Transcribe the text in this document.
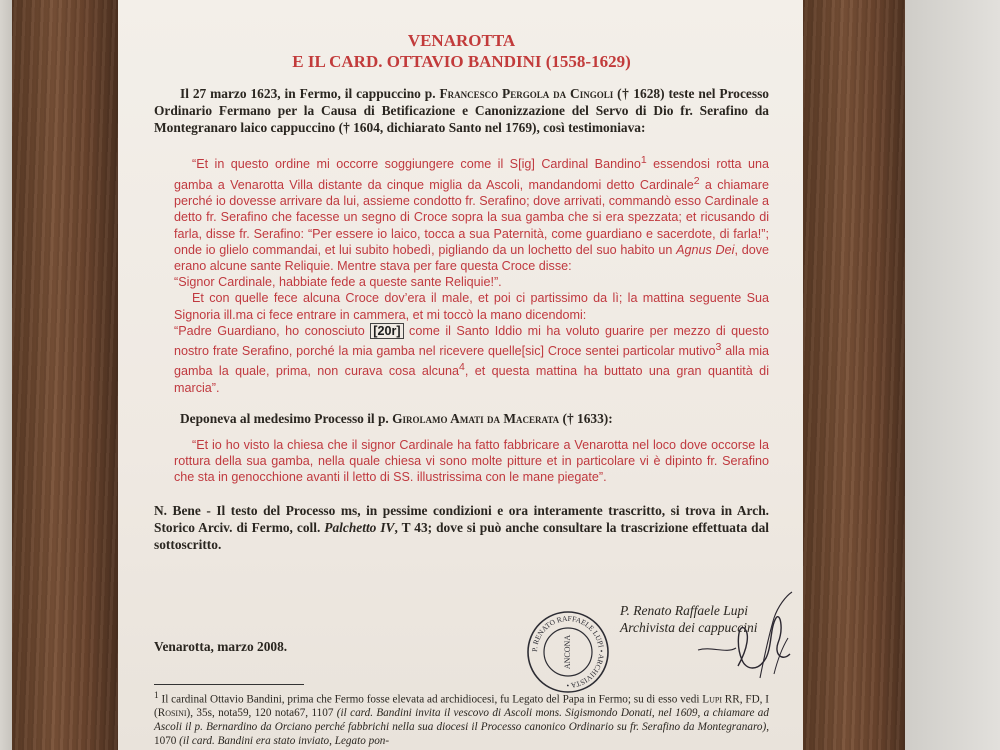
VENAROTTA
E IL CARD. OTTAVIO BANDINI (1558-1629)

Il 27 marzo 1623, in Fermo, il cappuccino p. Francesco Pergola da Cingoli († 1628) teste nel Processo Ordinario Fermano per la Causa di Betificazione e Canonizzazione del Servo di Dio fr. Serafino da Montegranaro laico cappuccino († 1604, dichiarato Santo nel 1769), così testimoniava:

“Et in questo ordine mi occorre soggiungere come il S[ig] Cardinal Bandino$^1$ essendosi rotta una gamba a Venarotta Villa distante da cinque miglia da Ascoli, mandandomi detto Cardinale$^2$ a chiamare perché io dovesse arrivare da lui, assieme condotto fr. Serafino; dove arrivati, commandò esso Cardinale a detto fr. Serafino che facesse un segno di Croce sopra la sua gamba che si era spezzata; et ricusando di farla, disse fr. Serafino: “Per essere io laico, tocca a sua Paternità, come guardiano e sacerdote, di farla!”; onde io glielo commandai, et lui subito hobedì, pigliando da un lochetto del suo habito un Agnus Dei, dove erano alcune sante Reliquie. Mentre stava per fare questa Croce disse:

“Signor Cardinale, habbiate fede a queste sante Reliquie!”.

Et con quelle fece alcuna Croce dov’era il male, et poi ci partissimo da lì; la mattina seguente Sua Signoria ill.ma ci fece entrare in cammera, et mi toccò la mano dicendomi:

“Padre Guardiano, ho conosciuto [20r] come il Santo Iddio mi ha voluto guarire per mezzo di questo nostro frate Serafino, porché la mia gamba nel ricevere quelle[sic] Croce sentei particolar mutivo$^3$ alla mia gamba la quale, prima, non curava cosa alcuna$^4$, et questa mattina ha buttato una gran quantità di marcia”.

Deponeva al medesimo Processo il p. Girolamo Amati da Macerata († 1633):

“Et io ho visto la chiesa che il signor Cardinale ha fatto fabbricare a Venarotta nel loco dove occorse la rottura della sua gamba, nella quale chiesa vi sono molte pitture et in particolare vi è dipinto fr. Serafino che sta in genocchione avanti il letto di SS. illustrissima con le mane piegate”.

N. Bene - Il testo del Processo ms, in pessime condizioni e ora interamente trascritto, si trova in Arch. Storico Arciv. di Fermo, coll. Palchetto IV, T 43; dove si può anche consultare la trascrizione effettuata dal sottoscritto.

P. Renato Raffaele Lupi
Archivista dei cappuccini
P. RENATO RAFFAELE LUPI • ARCHIVISTA •
ANCONA
Venarotta, marzo 2008.

$^1$ Il cardinal Ottavio Bandini, prima che Fermo fosse elevata ad archidiocesi, fu Legato del Papa in Fermo; su di esso vedi Lupi RR, FD, I (Rosini), 35s, nota59, 120 nota67, 1107 (il card. Bandini invita il vescovo di Ascoli mons. Sigismondo Donati, nel 1609, a chiamare ad Ascoli il p. Bernardino da Orciano perché fabbrichi nella sua diocesi il Processo canonico Ordinario su fr. Serafino da Montegranaro), 1070 (il card. Bandini era stato inviato, Legato pon-
